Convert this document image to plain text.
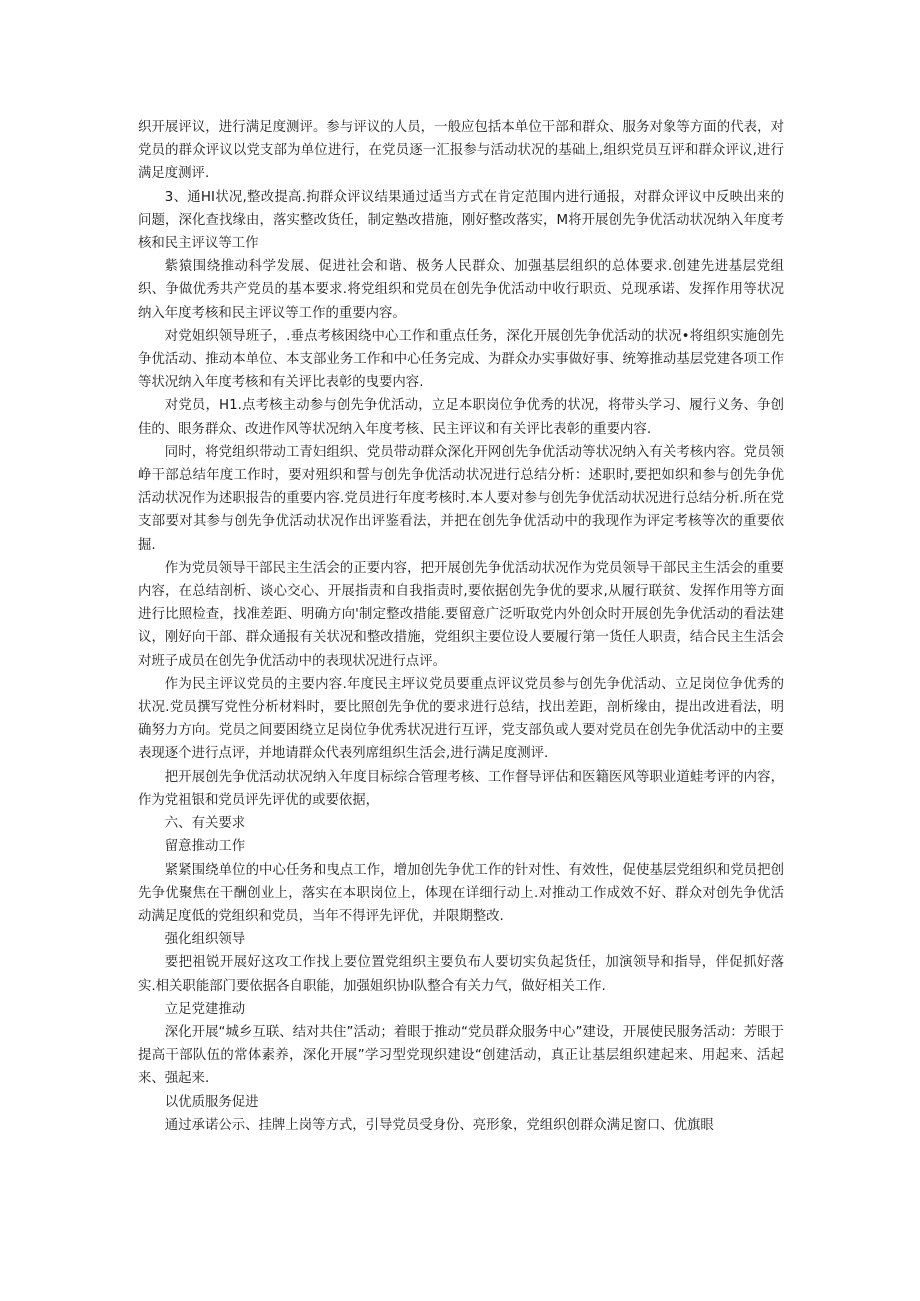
织开展评议，进行满足度测评。参与评议的人员，一般应包括本单位干部和群众、服务对象等方面的代表，对党员的群众评议以党支部为单位进行，在党员逐一汇报参与活动状况的基础上,组织党员互评和群众评议,进行满足度测评.

3、通HI状况,整改提高.拘群众评议结果通过适当方式在肯定范围内进行通报，对群众评议中反映出来的问题，深化查找缘由，落实整改货任，制定塾改措施，刚好整改落实，M将开展创先争优活动状况纳入年度考核和民主评议等工作

紫猿围绕推动科学发展、促进社会和谐、极务人民群众、加强基层组织的总体要求.创建先进基层党组织、争做优秀共产党员的基本要求.将党组织和党员在创先争优活动中收行职贡、兑现承诺、发挥作用等状况纳入年度考核和民主评议等工作的重要内容。

对党姐织领导班子，.垂点考核困绕中心工作和重点任务，深化开展创先争优活动的状况•将组织实施创先争优活动、推动本单位、本支部业务工作和中心任务完成、为群众办实事做好事、统筹推动基层党建各项工作等状况纳入年度考核和有关评比表彰的曳要内容.

对党员，H1.点考核主动参与创先争优活动，立足本职岗位争优秀的状况，将带头学习、履行义务、争创佳的、眼务群众、改进作风等状况纳入年度考核、民主评议和有关评比表彰的重要内容.

同时，将党组织带动工青妇组织、党员带动群众深化开网创先争优活动等状况纳入有关考核内容。党员领峥干部总结年度工作时，要对殂织和誓与创先争优活动状况进行总结分析：述职时,要把如织和参与创先争优活动状况作为述职报告的重要内容.党员进行年度考核时.本人要对参与创先争优活动状况进行总结分析.所在党支部要对其参与创先争优活动状况作出评鉴看法，并把在创先争优活动中的我现作为评定考核等次的重要依掘.

作为党员领导干部民主生活会的正要内容，把开展创先争优活动状况作为党员领导干部民主生活会的重要内容，在总结剖析、谈心交心、开展指责和自我指责时,要依据创先争优的要求,从履行联贫、发挥作用等方面进行比照检查，找准差距、明确方向'制定整改措能.要留意广泛听取党内外创众时开展创先争优活动的看法建议，刚好向干部、群众通报有关状况和整改措施，党组织主要位设人要履行第一货任人职责，结合民主生活会对班子成员在创先争优活动中的表现状况进行点评。

作为民主评议党员的主要内容.年度民主坪议党员要重点评议党员参与创先争优活动、立足岗位争优秀的状况.党员撰写党性分析材料时，要比照创先争优的要求进行总结，找出差距，剖析缘由，提出改进看法，明确努力方向。党员之间要困绕立足岗位争优秀状况进行互评，党支部负或人要对党员在创先争优活动中的主要表现逐个进行点评，并地请群众代表列席组织生活会,进行满足度测评.

把开展创先争优活动状况纳入年度目标综合管理考核、工作督导评估和医籍医风等职业道蛙考评的内容，作为党祖银和党员评先评优的或要依据，

六、有关要求

留意推动工作

紧紧围绕单位的中心任务和曳点工作，增加创先争优工作的针对性、有效性，促使基层党组织和党员把创先争优聚焦在干酬创业上，落实在本职岗位上，体现在详细行动上.对推动工作成效不好、群众对创先争优活动满足度低的党组织和党员，当年不得评先评优，并限期整改.

强化组织领导

要把祖锐开展好这攻工作找上要位置党组织主要负布人要切实负起货任，加演领导和指导，伴促抓好落实.相关职能部门要依据各自职能，加强姐织协I队整合有关力气，做好相关工作.

立足党建推动

深化开展“城乡互联、结对共住”活动；着眼于推动“党员群众服务中心”建设，开展使民服务活动：芳眼于提高干部队伍的常体素养，深化开展”学习型党现织建设“创建活动，真正让基层组织建起来、用起来、活起来、强起来.

以优质服务促进

通过承诺公示、挂牌上岗等方式，引导党员受身份、亮形象，党组织创群众满足窗口、优旗眼
